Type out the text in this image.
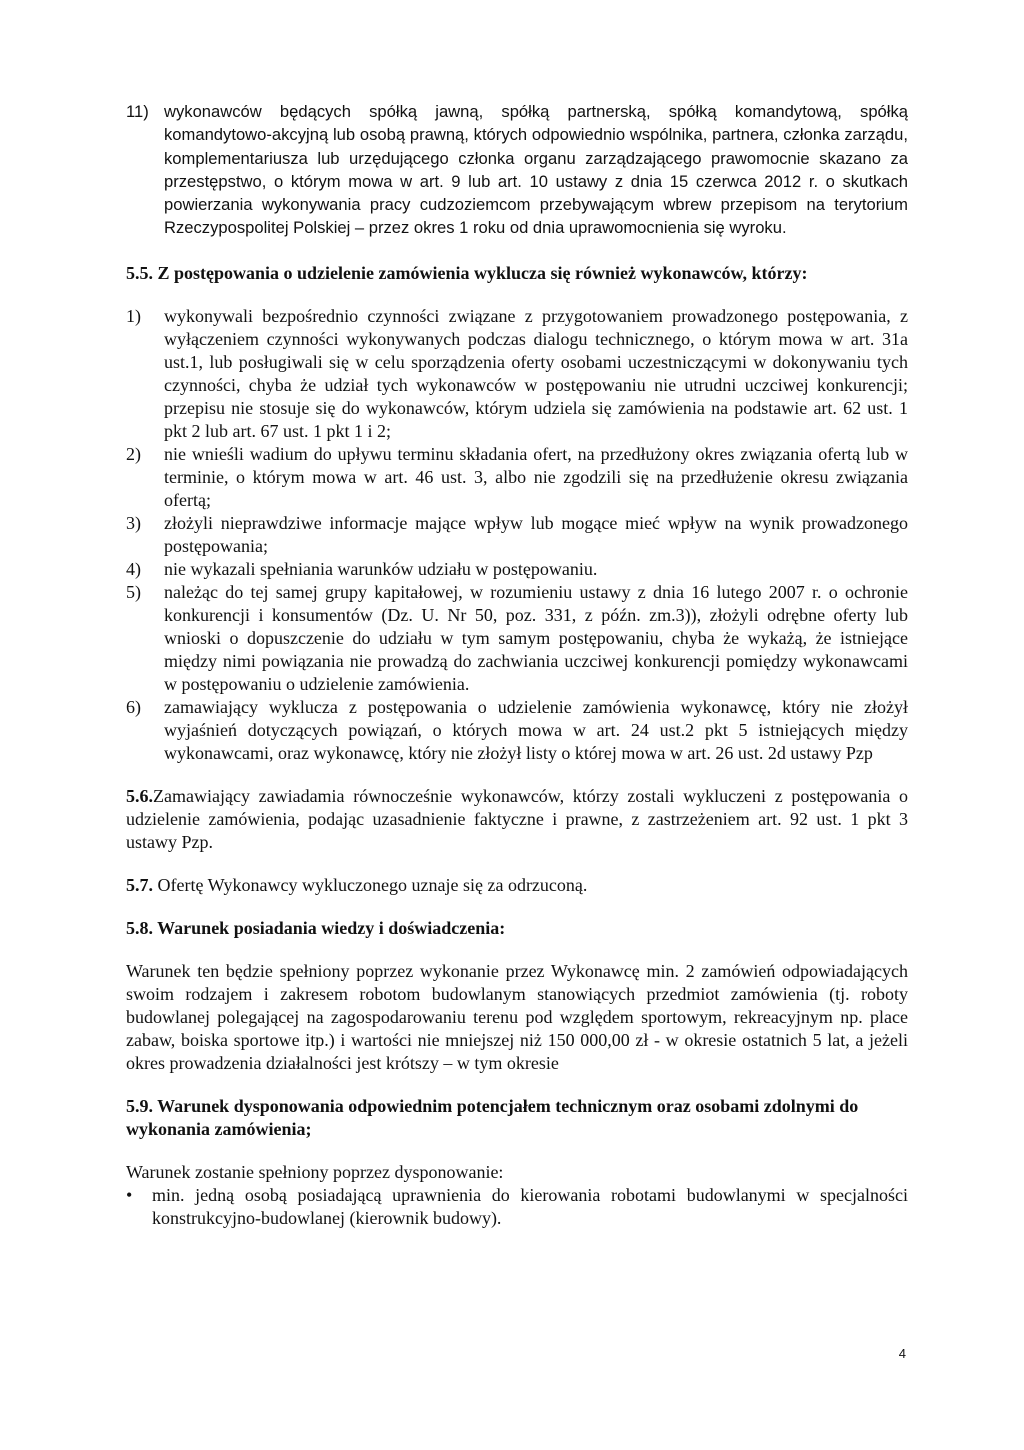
11) wykonawców będących spółką jawną, spółką partnerską, spółką komandytową, spółką komandytowo-akcyjną lub osobą prawną, których odpowiednio wspólnika, partnera, członka zarządu, komplementariusza lub urzędującego członka organu zarządzającego prawomocnie skazano za przestępstwo, o którym mowa w art. 9 lub art. 10 ustawy z dnia 15 czerwca 2012 r. o skutkach powierzania wykonywania pracy cudzoziemcom przebywającym wbrew przepisom na terytorium Rzeczypospolitej Polskiej – przez okres 1 roku od dnia uprawomocnienia się wyroku.

5.5. Z postępowania o udzielenie zamówienia wyklucza się również wykonawców, którzy:

1)	wykonywali bezpośrednio czynności związane z przygotowaniem prowadzonego postępowania, z wyłączeniem czynności wykonywanych podczas dialogu technicznego, o którym mowa w art. 31a ust.1, lub posługiwali się w celu sporządzenia oferty osobami uczestniczącymi w dokonywaniu tych czynności, chyba że udział tych wykonawców w postępowaniu nie utrudni uczciwej konkurencji; przepisu nie stosuje się do wykonawców, którym udziela się zamówienia na podstawie art. 62 ust. 1 pkt 2 lub art. 67 ust. 1 pkt 1 i 2;
2)	nie wnieśli wadium do upływu terminu składania ofert, na przedłużony okres związania ofertą lub w terminie, o którym mowa w art. 46 ust. 3, albo nie zgodzili się na przedłużenie okresu związania ofertą;
3)	złożyli nieprawdziwe informacje mające wpływ lub mogące mieć wpływ na wynik prowadzonego postępowania;
4)	nie wykazali spełniania warunków udziału w postępowaniu.
5)	należąc do tej samej grupy kapitałowej, w rozumieniu ustawy z dnia 16 lutego 2007 r. o ochronie konkurencji i konsumentów (Dz. U. Nr 50, poz. 331, z późn. zm.3)), złożyli odrębne oferty lub wnioski o dopuszczenie do udziału w tym samym postępowaniu, chyba że wykażą, że istniejące między nimi powiązania nie prowadzą do zachwiania uczciwej konkurencji pomiędzy wykonawcami w postępowaniu o udzielenie zamówienia.
6)	zamawiający wyklucza z postępowania o udzielenie zamówienia wykonawcę, który nie złożył wyjaśnień dotyczących powiązań, o których mowa w art. 24 ust.2 pkt 5 istniejących między wykonawcami, oraz wykonawcę, który nie złożył listy o której mowa w art. 26 ust. 2d ustawy Pzp

5.6.Zamawiający zawiadamia równocześnie wykonawców, którzy zostali wykluczeni z postępowania o udzielenie zamówienia, podając uzasadnienie faktyczne i prawne, z zastrzeżeniem art. 92 ust. 1 pkt 3 ustawy Pzp.

5.7. Ofertę Wykonawcy wykluczonego uznaje się za odrzuconą.

5.8. Warunek posiadania wiedzy i doświadczenia:

Warunek ten będzie spełniony poprzez wykonanie przez Wykonawcę min. 2 zamówień odpowiadających swoim rodzajem i zakresem robotom budowlanym stanowiących przedmiot zamówienia (tj. roboty budowlanej polegającej na zagospodarowaniu terenu pod względem sportowym, rekreacyjnym np. place zabaw, boiska sportowe itp.) i wartości nie mniejszej niż 150 000,00 zł - w okresie ostatnich 5 lat, a jeżeli okres prowadzenia działalności jest krótszy – w tym okresie

5.9. Warunek dysponowania odpowiednim potencjałem technicznym oraz osobami zdolnymi do wykonania zamówienia;

Warunek zostanie spełniony poprzez dysponowanie:

•	min. jedną osobą posiadającą uprawnienia do kierowania robotami budowlanymi w specjalności konstrukcyjno-budowlanej (kierownik budowy).
4
